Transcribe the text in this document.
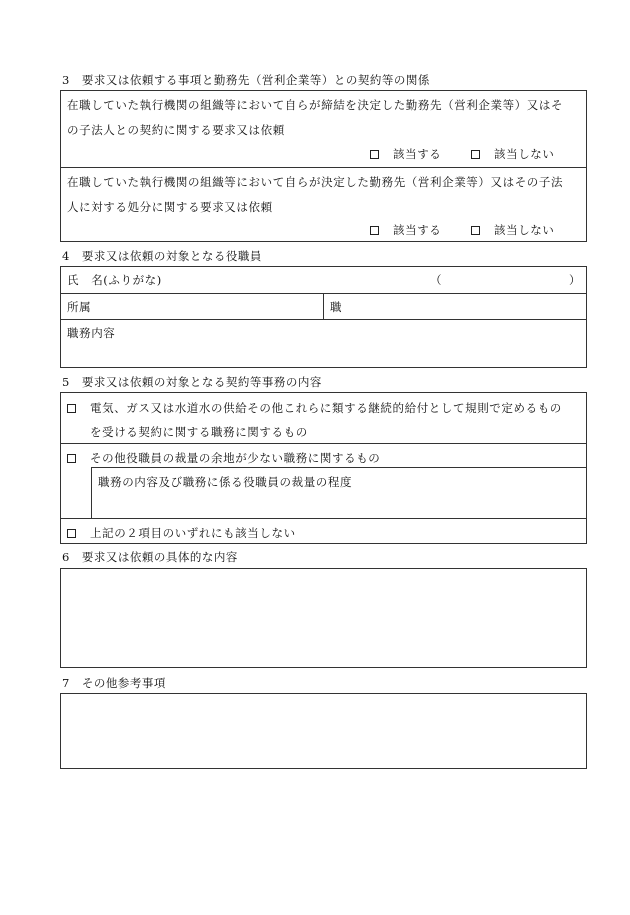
3　要求又は依頼する事項と勤務先（営利企業等）との契約等の関係
在職していた執行機関の組織等において自らが締結を決定した勤務先（営利企業等）又はそ
の子法人との契約に関する要求又は依頼
該当する	該当しない
在職していた執行機関の組織等において自らが決定した勤務先（営利企業等）又はその子法
人に対する処分に関する要求又は依頼
該当する	該当しない
4　要求又は依頼の対象となる役職員
氏　名(ふりがな)	（	）
所属	職
職務内容
5　要求又は依頼の対象となる契約等事務の内容
電気、ガス又は水道水の供給その他これらに類する継続的給付として規則で定めるもの
を受ける契約に関する職務に関するもの
その他役職員の裁量の余地が少ない職務に関するもの
職務の内容及び職務に係る役職員の裁量の程度
上記の２項目のいずれにも該当しない
6　要求又は依頼の具体的な内容
7　その他参考事項
